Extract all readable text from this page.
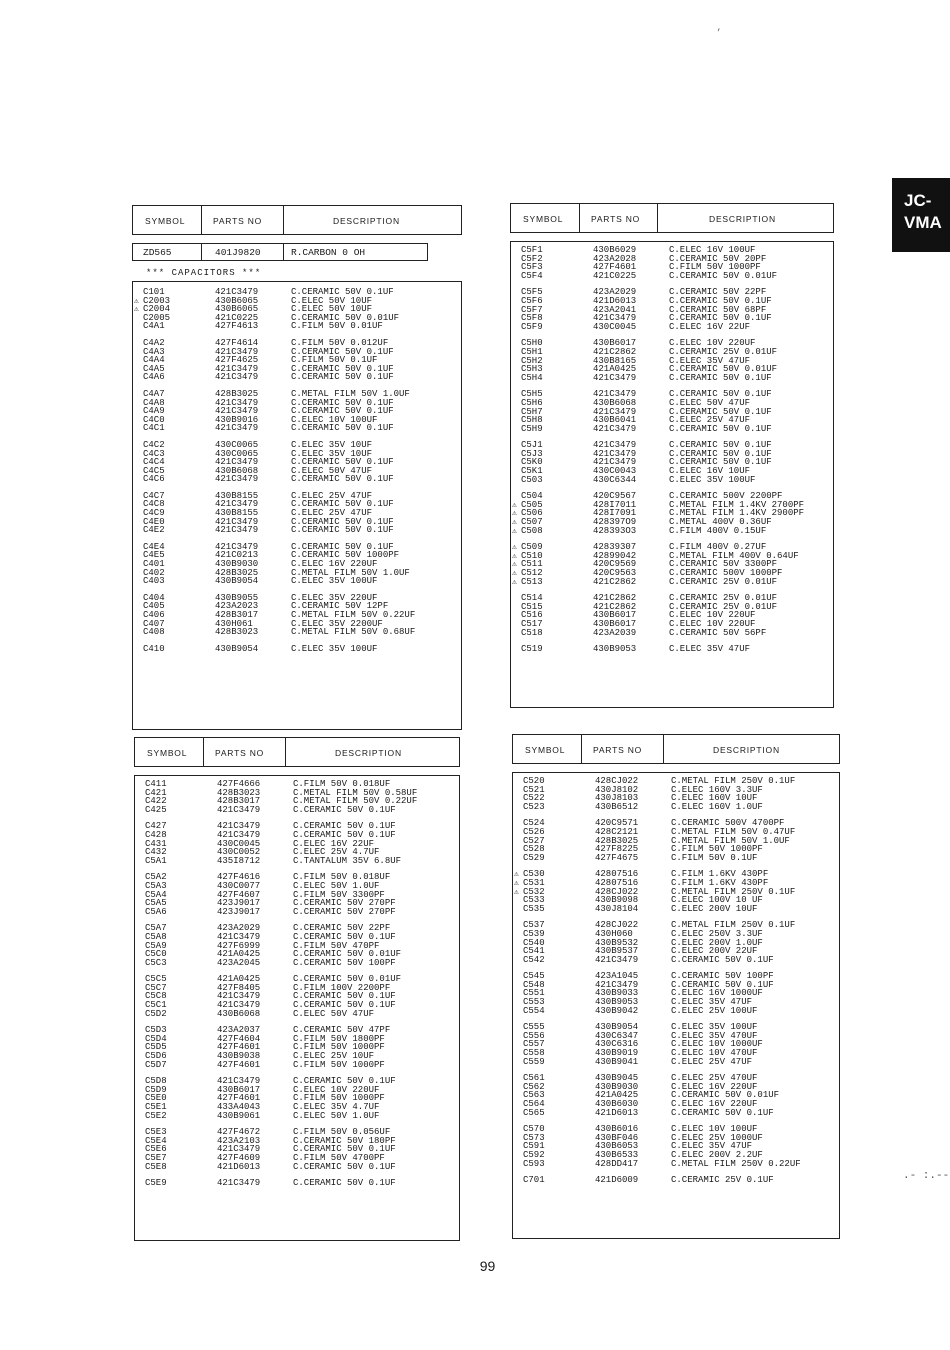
’
JC-
VMA
.- :.--
SYMBOL	PARTS NO	DESCRIPTION
ZD565	401J9820	R.CARBON 0 OH
*** CAPACITORS ***
C101	421C3479	C.CERAMIC 50V 0.1UF
⚠ C2003	430B6065	C.ELEC 50V 10UF
⚠ C2004	430B6065	C.ELEC 50V 10UF
C2005	421C0225	C.CERAMIC 50V 0.01UF
C4A1	427F4613	C.FILM 50V 0.01UF
C4A2	427F4614	C.FILM 50V 0.012UF
C4A3	421C3479	C.CERAMIC 50V 0.1UF
C4A4	427F4625	C.FILM 50V 0.1UF
C4A5	421C3479	C.CERAMIC 50V 0.1UF
C4A6	421C3479	C.CERAMIC 50V 0.1UF
C4A7	428B3025	C.METAL FILM 50V 1.0UF
C4A8	421C3479	C.CERAMIC 50V 0.1UF
C4A9	421C3479	C.CERAMIC 50V 0.1UF
C4C0	430B9016	C.ELEC 10V 100UF
C4C1	421C3479	C.CERAMIC 50V 0.1UF
C4C2	430C0065	C.ELEC 35V 10UF
C4C3	430C0065	C.ELEC 35V 10UF
C4C4	421C3479	C.CERAMIC 50V 0.1UF
C4C5	430B6068	C.ELEC 50V 47UF
C4C6	421C3479	C.CERAMIC 50V 0.1UF
C4C7	430B8155	C.ELEC 25V 47UF
C4C8	421C3479	C.CERAMIC 50V 0.1UF
C4C9	430B8155	C.ELEC 25V 47UF
C4E0	421C3479	C.CERAMIC 50V 0.1UF
C4E2	421C3479	C.CERAMIC 50V 0.1UF
C4E4	421C3479	C.CERAMIC 50V 0.1UF
C4E5	421C0213	C.CERAMIC 50V 1000PF
C401	430B9030	C.ELEC 16V 220UF
C402	428B3025	C.METAL FILM 50V 1.0UF
C403	430B9054	C.ELEC 35V 100UF
C404	430B9055	C.ELEC 35V 220UF
C405	423A2023	C.CERAMIC 50V 12PF
C406	428B3017	C.METAL FILM 50V 0.22UF
C407	430H061	C.ELEC 35V 2200UF
C408	428B3023	C.METAL FILM 50V 0.68UF
C410	430B9054	C.ELEC 35V 100UF
SYMBOL	PARTS NO	DESCRIPTION
C5F1	430B6029	C.ELEC 16V 100UF
C5F2	423A2028	C.CERAMIC 50V 20PF
C5F3	427F4601	C.FILM 50V 1000PF
C5F4	421C0225	C.CERAMIC 50V 0.01UF
C5F5	423A2029	C.CERAMIC 50V 22PF
C5F6	421D6013	C.CERAMIC 50V 0.1UF
C5F7	423A2041	C.CERAMIC 50V 68PF
C5F8	421C3479	C.CERAMIC 50V 0.1UF
C5F9	430C0045	C.ELEC 16V 22UF
C5H0	430B6017	C.ELEC 10V 220UF
C5H1	421C2862	C.CERAMIC 25V 0.01UF
C5H2	430B8165	C.ELEC 35V 47UF
C5H3	421A0425	C.CERAMIC 50V 0.01UF
C5H4	421C3479	C.CERAMIC 50V 0.1UF
C5H5	421C3479	C.CERAMIC 50V 0.1UF
C5H6	430B6068	C.ELEC 50V 47UF
C5H7	421C3479	C.CERAMIC 50V 0.1UF
C5H8	430B6041	C.ELEC 25V 47UF
C5H9	421C3479	C.CERAMIC 50V 0.1UF
C5J1	421C3479	C.CERAMIC 50V 0.1UF
C5J3	421C3479	C.CERAMIC 50V 0.1UF
C5K0	421C3479	C.CERAMIC 50V 0.1UF
C5K1	430C0043	C.ELEC 16V 10UF
C503	430C6344	C.ELEC 35V 100UF
C504	420C9567	C.CERAMIC 500V 2200PF
⚠ C505	428I7011	C.METAL FILM 1.4KV 2700PF
⚠ C506	428I7091	C.METAL FILM 1.4KV 2900PF
⚠ C507	428397O9	C.METAL 400V 0.36UF
⚠ C508	428393O3	C.FILM 400V 0.15UF
⚠ C509	42839307	C.FILM 400V 0.27UF
⚠ C510	42899042	C.METAL FILM 400V 0.64UF
⚠ C511	420C9569	C.CERAMIC 50V 3300PF
⚠ C512	420C9563	C.CERAMIC 500V 1000PF
⚠ C513	421C2862	C.CERAMIC 25V 0.01UF
C514	421C2862	C.CERAMIC 25V 0.01UF
C515	421C2862	C.CERAMIC 25V 0.01UF
C516	430B6017	C.ELEC 10V 220UF
C517	430B6017	C.ELEC 10V 220UF
C518	423A2039	C.CERAMIC 50V 56PF
C519	430B9053	C.ELEC 35V 47UF
SYMBOL	PARTS NO	DESCRIPTION
C411	427F4666	C.FILM 50V 0.018UF
C421	428B3023	C.METAL FILM 50V 0.58UF
C422	428B3017	C.METAL FILM 50V 0.22UF
C425	421C3479	C.CERAMIC 50V 0.1UF
C427	421C3479	C.CERAMIC 50V 0.1UF
C428	421C3479	C.CERAMIC 50V 0.1UF
C431	430C0045	C.ELEC 16V 22UF
C432	430C0052	C.ELEC 25V 4.7UF
C5A1	435I8712	C.TANTALUM 35V 6.8UF
C5A2	427F4616	C.FILM 50V 0.018UF
C5A3	430C0077	C.ELEC 50V 1.0UF
C5A4	427F4607	C.FILM 50V 3300PF
C5A5	423J9017	C.CERAMIC 50V 270PF
C5A6	423J9017	C.CERAMIC 50V 270PF
C5A7	423A2029	C.CERAMIC 50V 22PF
C5A8	421C3479	C.CERAMIC 50V 0.1UF
C5A9	427F6999	C.FILM 50V 470PF
C5C0	421A0425	C.CERAMIC 50V 0.01UF
C5C3	423A2045	C.CERAMIC 50V 100PF
C5C5	421A0425	C.CERAMIC 50V 0.01UF
C5C7	427F8405	C.FILM 100V 2200PF
C5C8	421C3479	C.CERAMIC 50V 0.1UF
C5C1	421C3479	C.CERAMIC 50V 0.1UF
C5D2	430B6068	C.ELEC 50V 47UF
C5D3	423A2037	C.CERAMIC 50V 47PF
C5D4	427F4604	C.FILM 50V 1800PF
C5D5	427F4601	C.FILM 50V 1000PF
C5D6	430B9038	C.ELEC 25V 10UF
C5D7	427F4601	C.FILM 50V 1000PF
C5D8	421C3479	C.CERAMIC 50V 0.1UF
C5D9	430B6017	C.ELEC 10V 220UF
C5E0	427F4601	C.FILM 50V 1000PF
C5E1	433A4043	C.ELEC 35V 4.7UF
C5E2	430B9061	C.ELEC 50V 1.0UF
C5E3	427F4672	C.FILM 50V 0.056UF
C5E4	423A2103	C.CERAMIC 50V 180PF
C5E6	421C3479	C.CERAMIC 50V 0.1UF
C5E7	427F4609	C.FILM 50V 4700PF
C5E8	421D6013	C.CERAMIC 50V 0.1UF
C5E9	421C3479	C.CERAMIC 50V 0.1UF
SYMBOL	PARTS NO	DESCRIPTION
C520	428CJ022	C.METAL FILM 250V 0.1UF
C521	430J8102	C.ELEC 160V 3.3UF
C522	430J8103	C.ELEC 160V 10UF
C523	430B6512	C.ELEC 160V 1.0UF
C524	420C9571	C.CERAMIC 500V 4700PF
C526	428C2121	C.METAL FILM 50V 0.47UF
C527	428B3025	C.METAL FILM 50V 1.0UF
C528	427F8225	C.FILM 50V 1000PF
C529	427F4675	C.FILM 50V 0.1UF
⚠ C530	42807516	C.FILM 1.6KV 430PF
⚠ C531	42807516	C.FILM 1.6KV 430PF
⚠ C532	428CJ022	C.METAL FILM 250V 0.1UF
C533	430B9098	C.ELEC 100V 10 UF
C535	430J8104	C.ELEC 200V 10UF
C537	428CJ022	C.METAL FILM 250V 0.1UF
C539	430H060	C.ELEC 250V 3.3UF
C540	430B9532	C.ELEC 200V 1.0UF
C541	430B9537	C.ELEC 200V 22UF
C542	421C3479	C.CERAMIC 50V 0.1UF
C545	423A1045	C.CERAMIC 50V 100PF
C548	421C3479	C.CERAMIC 50V 0.1UF
C551	430B9033	C.ELEC 16V 1000UF
C553	430B9053	C.ELEC 35V 47UF
C554	430B9042	C.ELEC 25V 100UF
C555	430B9054	C.ELEC 35V 100UF
C556	430C6347	C.ELEC 35V 470UF
C557	430C6316	C.ELEC 10V 1000UF
C558	430B9019	C.ELEC 10V 470UF
C559	430B9041	C.ELEC 25V 47UF
C561	430B9045	C.ELEC 25V 470UF
C562	430B9030	C.ELEC 16V 220UF
C563	421A0425	C.CERAMIC 50V 0.01UF
C564	430B6030	C.ELEC 16V 220UF
C565	421D6013	C.CERAMIC 50V 0.1UF
C570	430B6016	C.ELEC 10V 100UF
C573	430BF046	C.ELEC 25V 1000UF
C591	430B6053	C.ELEC 35V 47UF
C592	430B6533	C.ELEC 200V 2.2UF
C593	428DD417	C.METAL FILM 250V 0.22UF
C701	421D6009	C.CERAMIC 25V 0.1UF
99
